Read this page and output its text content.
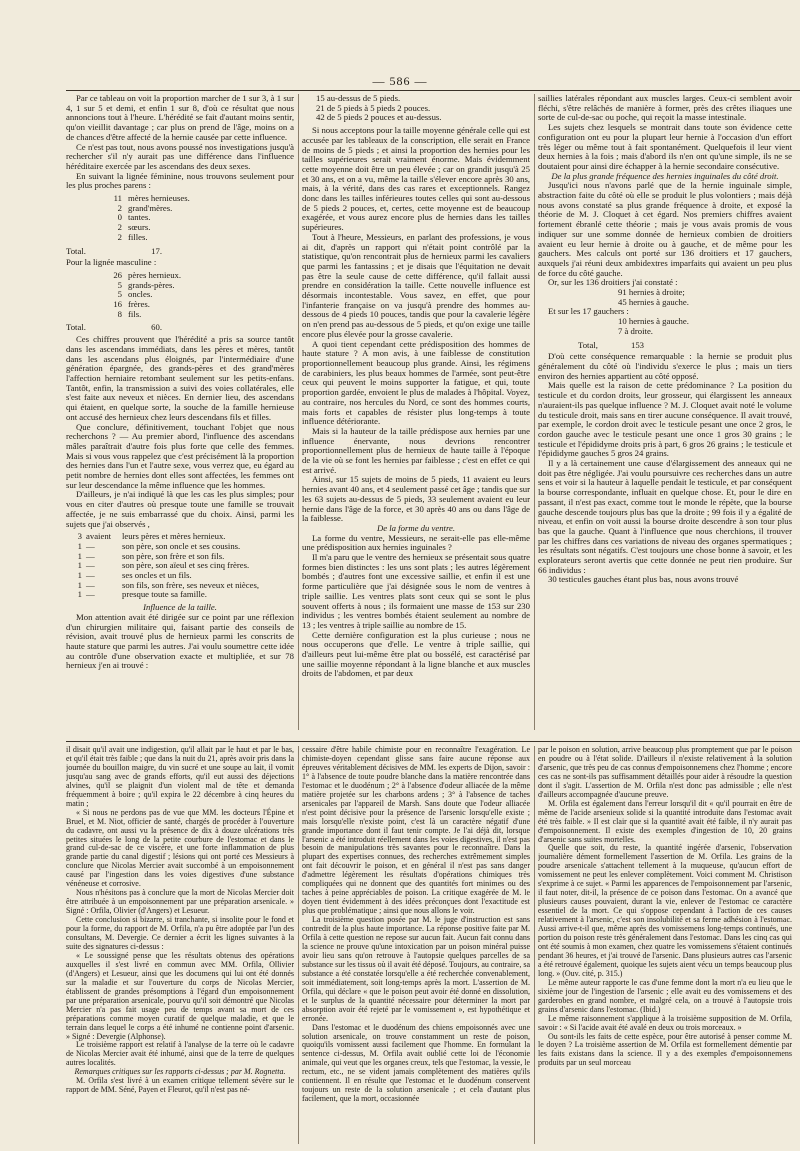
— 586 —

Par ce tableau on voit la proportion marcher de 1 sur 3, à 1 sur 4, 1 sur 5 et demi, et enfin 1 sur 8, d'où ce résultat que nous annoncions tout à l'heure. L'hérédité se fait d'autant moins sentir, qu'on vieillit davantage ; car plus on prend de l'âge, moins on a de chances d'être affecté de la hernie causée par cette influence.

Ce n'est pas tout, nous avons poussé nos investigations jusqu'à rechercher s'il n'y aurait pas une différence dans l'influence héréditaire exercée par les ascendans des deux sexes.

En suivant la lignée féminine, nous trouvons seulement pour les plus proches parens :

11 mères hernieuses.
2 grand'mères.
0 tantes.
2 sœurs.
2 filles.
Total.	17.

Pour la lignée masculine :

26 pères hernieux.
5 grands-pères.
5 oncles.
16 frères.
8 fils.
Total.	60.

Ces chiffres prouvent que l'hérédité a pris sa source tantôt dans les ascendans immédiats, dans les pères et mères, tantôt dans les ascendans plus éloignés, par l'intermédiaire d'une génération épargnée, des grands-pères et des grand'mères l'affection herniaire retombant seulement sur les petits-enfans. Tantôt, enfin, la transmission a suivi des voies collatérales, elle s'est faite aux neveux et nièces. En dernier lieu, des ascendans qui étaient, en quelque sorte, la souche de la famille hernieuse ont accusé des hernieux chez leurs descendans fils et filles.

Que conclure, définitivement, touchant l'objet que nous recherchons ? — Au premier abord, l'influence des ascendans mâles paraîtrait d'autre fois plus forte que celle des femmes. Mais si vous vous rappelez que c'est précisément là la proportion des hernies dans l'un et l'autre sexe, vous verrez que, eu égard au petit nombre de hernies dont elles sont affectées, les femmes ont sur leur descendance la même influence que les hommes.

D'ailleurs, je n'ai indiqué là que les cas les plus simples; pour vous en citer d'autres où presque toute une famille se trouvait affectée, je ne suis embarrassé que du choix. Ainsi, parmi les sujets que j'ai observés ,

3 avaient	leurs pères et mères hernieux.
1 —	son père, son oncle et ses cousins.
1 —	son père, son frère et son fils.
1 —	son père, son aïeul et ses cinq frères.
1 —	ses oncles et un fils.
1 —	son fils, son frère, ses neveux et nièces,
1 —	presque toute sa famille.

Influence de la taille.

Mon attention avait été dirigée sur ce point par une réflexion d'un chirurgien militaire qui, faisant partie des conseils de révision, avait trouvé plus de hernieux parmi les conscrits de haute stature que parmi les autres. J'ai voulu soumettre cette idée au contrôle d'une observation exacte et multipliée, et sur 78 hernieux j'en ai trouvé :

15 au-dessus de 5 pieds.

21 de 5 pieds à 5 pieds 2 pouces.

42 de 5 pieds 2 pouces et au-dessus.

Si nous acceptons pour la taille moyenne générale celle qui est accusée par les tableaux de la conscription, elle serait en France de moins de 5 pieds ; et ainsi la proportion des hernies pour les tailles supérieures serait vraiment énorme. Mais évidemment cette moyenne doit être un peu élevée ; car on grandit jusqu'à 25 et 30 ans, et on a vu, même la taille s'élever encore après 30 ans, mais, à la vérité, dans des cas rares et exceptionnels. Rangez donc dans les tailles inférieures toutes celles qui sont au-dessous de 5 pieds 2 pouces, et, certes, cette moyenne est de beaucoup exagérée, et vous aurez encore plus de hernies dans les tailles supérieures.

Tout à l'heure, Messieurs, en parlant des professions, je vous ai dit, d'après un rapport qui n'était point contrôlé par la statistique, qu'on rencontrait plus de hernieux parmi les cavaliers que parmi les fantassins ; et je disais que l'équitation ne devait pas être la seule cause de cette différence, qu'il fallait aussi prendre en considération la taille. Cette nouvelle influence est désormais incontestable. Vous savez, en effet, que pour l'infanterie française on va jusqu'à prendre des hommes au-dessous de 4 pieds 10 pouces, tandis que pour la cavalerie légère on n'en prend pas au-dessous de 5 pieds, et qu'on exige une taille encore plus élevée pour la grosse cavalerie.

A quoi tient cependant cette prédisposition des hommes de haute stature ? A mon avis, à une faiblesse de constitution proportionnellement beaucoup plus grande. Ainsi, les régimens de carabiniers, les plus beaux hommes de l'armée, sont peut-être ceux qui peuvent le moins supporter la fatigue, et qui, toute proportion gardée, envoient le plus de malades à l'hôpital. Voyez, au contraire, nos hercules du Nord, ce sont des hommes courts, mais forts et capables de résister plus long-temps à toute influence détériorante.

Mais si la hauteur de la taille prédispose aux hernies par une influence énervante, nous devrions rencontrer proportionnellement plus de hernieux de haute taille à l'époque de la vie où se font les hernies par faiblesse ; c'est en effet ce qui est arrivé.

Ainsi, sur 15 sujets de moins de 5 pieds, 11 avaient eu leurs hernies avant 40 ans, et 4 seulement passé cet âge ; tandis que sur les 63 sujets au-dessus de 5 pieds, 33 seulement avaient eu leur hernie dans l'âge de la force, et 30 après 40 ans ou dans l'âge de la faiblesse.

De la forme du ventre.

La forme du ventre, Messieurs, ne serait-elle pas elle-même une prédisposition aux hernies inguinales ?

Il m'a paru que le ventre des hernieux se présentait sous quatre formes bien distinctes : les uns sont plats ; les autres légèrement bombés ; d'autres font une excessive saillie, et enfin il est une forme particulière que j'ai désignée sous le nom de ventres à triple saillie. Les ventres plats sont ceux qui se sont le plus souvent offerts à nous ; ils formaient une masse de 153 sur 230 individus ; les ventres bombés étaient seulement au nombre de 13 ; les ventres à triple saillie au nombre de 15.

Cette dernière configuration est la plus curieuse ; nous ne nous occuperons que d'elle. Le ventre à triple saillie, qui d'ailleurs peut lui-même être plat ou bossélé, est caractérisé par une saillie moyenne répondant à la ligne blanche et aux muscles droits de l'abdomen, et par deux

saillies latérales répondant aux muscles larges. Ceux-ci semblent avoir fléchi, s'être relâchés de manière à former, près des crêtes iliaques une sorte de cul-de-sac ou poche, qui reçoit la masse intestinale.

Les sujets chez lesquels se montrait dans toute son évidence cette configuration ont eu pour la plupart leur hernie à l'occasion d'un effort très léger ou même tout à fait spontanément. Quelquefois il leur vient deux hernies à la fois ; mais d'abord ils n'en ont qu'une simple, ils ne se doutaient pour ainsi dire échapper à la hernie secondaire consécutive.

De la plus grande fréquence des hernies inguinales du côté droit.

Jusqu'ici nous n'avons parlé que de la hernie inguinale simple, abstraction faite du côté où elle se produit le plus volontiers ; mais déjà nous avons constaté sa plus grande fréquence à droite, et exposé la théorie de M. J. Cloquet à cet égard. Nos premiers chiffres avaient fortement ébranlé cette théorie ; mais je vous avais promis de vous indiquer sur une somme donnée de hernieux combien de droitiers avaient eu leur hernie à droite ou à gauche, et de même pour les gauchers. Mes calculs ont porté sur 136 droitiers et 17 gauchers, auxquels j'ai réuni deux ambidextres imparfaits qui avaient un peu plus de force du côté gauche.

Or, sur les 136 droitiers j'ai constaté :

91 hernies à droite;

45 hernies à gauche.

Et sur les 17 gauchers :

10 hernies à gauche.

7 à droite.

Total,	153

D'où cette conséquence remarquable : la hernie se produit plus généralement du côté où l'individu s'exerce le plus ; mais un tiers environ des hernies appartient au côté opposé.

Mais quelle est la raison de cette prédominance ? La position du testicule et du cordon droits, leur grosseur, qui élargissent les anneaux n'auraient-ils pas quelque influence ? M. J. Cloquet avait noté le volume du testicule droit, mais sans en tirer aucune conséquence. Il avait trouvé, par exemple, le cordon droit avec le testicule pesant une once 2 gros, le cordon gauche avec le testicule pesant une once 1 gros 30 grains ; le testicule et l'épididyme droits pris à part, 6 gros 26 grains ; le testicule et l'épididyme gauches 5 gros 24 grains.

Il y a là certainement une cause d'élargissement des anneaux qui ne doit pas être négligée. J'ai voulu poursuivre ces recherches dans un autre sens et voir si la hauteur à laquelle pendait le testicule, et par conséquent la bourse correspondante, influait en quelque chose. Et, pour le dire en passant, il n'est pas exact, comme tout le monde le répète, que la bourse gauche descende toujours plus bas que la droite ; 99 fois il y a égalité de niveau, et enfin on voit aussi la bourse droite descendre à son tour plus bas que la gauche. Quant à l'influence que nous cherchions, il trouver par les chiffres dans ces variations de niveau des organes spermatiques ; les résultats sont négatifs. C'est toujours une chose bonne à savoir, et les explorateurs seront avertis que cette donnée ne peut rien produire. Sur 66 individus :

30 testicules gauches étant plus bas, nous avons trouvé

il disait qu'il avait une indigestion, qu'il allait par le haut et par le bas, et qu'il était très faible ; que dans la nuit du 21, après avoir pris dans la journée du bouillon maigre, du vin sucré et une soupe au lait, il vomit jusqu'au sang avec de grands efforts, qu'il eut aussi des déjections alvines, qu'il se plaignit d'un violent mal de tête et demanda fréquemment à boire ; qu'il expira le 22 décembre à cinq heures du matin ;

« Si nous ne perdons pas de vue que MM. les docteurs l'Épine et Bruel, et M. Niot, officier de santé, chargés de procéder à l'ouverture du cadavre, ont aussi vu la présence de dix à douze ulcérations très petites situées le long de la petite courbure de l'estomac et dans le grand cul-de-sac de ce viscère, et une forte inflammation de plus grande partie du canal digestif ; lésions qui ont porté ces Messieurs à conclure que Nicolas Mercier avait succombé à un empoisonnement causé par l'ingestion dans les voies digestives d'une substance vénéneuse et corrosive.

Nous n'hésitons pas à conclure que la mort de Nicolas Mercier doit être attribuée à un empoisonnement par une préparation arsenicale. » Signé : Orfila, Olivier (d'Angers) et Lesueur.

Cette conclusion si bizarre, si tranchante, si insolite pour le fond et pour la forme, du rapport de M. Orfila, n'a pu être adoptée par l'un des consultans, M. Devergie. Ce dernier a écrit les lignes suivantes à la suite des signatures ci-dessus :

« Le soussigné pense que les résultats obtenus des opérations auxquelles il s'est livré en commun avec MM. Orfila, Ollivier (d'Angers) et Lesueur, ainsi que les documens qui lui ont été donnés sur la maladie et sur l'ouverture du corps de Nicolas Mercier, établissent de grandes présomptions à l'égard d'un empoisonnement par une préparation arsenicale, pourvu qu'il soit démontré que Nicolas Mercier n'a pas fait usage peu de temps avant sa mort de ces préparations comme moyen curatif de quelque maladie, et que le terrain dans lequel le corps a été inhumé ne contienne point d'arsenic. » Signé : Devergie (Alphonse).

Le troisième rapport est relatif à l'analyse de la terre où le cadavre de Nicolas Mercier avait été inhumé, ainsi que de la terre de quelques autres localités.

Remarques critiques sur les rapports ci-dessus ; par M. Rognetta.

M. Orfila s'est livré à un examen critique tellement sévère sur le rapport de MM. Séné, Payen et Fleurot, qu'il n'est pas né-

cessaire d'être habile chimiste pour en reconnaître l'exagération. Le chimiste-doyen cependant glisse sans faire aucune réponse aux épreuves véritablement décisives de MM. les experts de Dijon, savoir : 1° à l'absence de toute poudre blanche dans la matière rencontrée dans l'estomac et le duodénum ; 2° à l'absence d'odeur alliacée de la même matière projetée sur les charbons ardens ; 3° à l'absence de taches arsenicales par l'appareil de Marsh. Sans doute que l'odeur alliacée n'est point décisive pour la présence de l'arsenic lorsqu'elle existe ; mais lorsqu'elle n'existe point, c'est là un caractère négatif d'une grande importance dont il faut tenir compte. Je l'ai déjà dit, lorsque l'arsenic a été introduit réellement dans les voies digestives, il n'est pas besoin de manipulations très savantes pour le reconnaître. Dans la plupart des expertises connues, des recherches extrêmement simples ont fait découvrir le poison, et en général il n'est pas sans danger d'admettre légèrement les résultats d'opérations chimiques très compliquées qui ne donnent que des quantités fort minimes ou des taches à peine appréciables de poison. La critique exagérée de M. le doyen tient évidemment à des idées préconçues dont l'exactitude est plus que problématique ; ainsi que nous allons le voir.

La troisième question posée par M. le juge d'instruction est sans contredit de la plus haute importance. La réponse positive faite par M. Orfila à cette question ne repose sur aucun fait. Aucun fait connu dans la science ne prouve qu'une intoxication par un poison minéral puisse avoir lieu sans qu'on retrouve à l'autopsie quelques parcelles de sa substance sur les tissus où il avait été déposé. Toujours, au contraire, sa substance a été constatée lorsqu'elle a été recherchée convenablement, soit immédiatement, soit long-temps après la mort. L'assertion de M. Orfila, qui déclare « que le poison peut avoir été donné en dissolution, et le surplus de la quantité nécessaire pour déterminer la mort par absorption avoir été rejeté par le vomissement », est hypothétique et erronée.

Dans l'estomac et le duodénum des chiens empoisonnés avec une solution arsenicale, on trouve constamment un reste de poison, quoiqu'ils vomissent aussi facilement que l'homme. En formulant la sentence ci-dessus, M. Orfila avait oublié cette loi de l'économie animale, qui veut que les organes creux, tels que l'estomac, la vessie, le rectum, etc., ne se vident jamais complètement des matières qu'ils contiennent. Il en résulte que l'estomac et le duodénum conservent toujours un reste de la solution arsenicale ; et cela d'autant plus facilement, que la mort, occasionnée

par le poison en solution, arrive beaucoup plus promptement que par le poison en poudre ou à l'état solide. D'ailleurs il n'existe relativement à la solution d'arsenic, que très peu de cas connus d'empoisonnemens chez l'homme ; encore ces cas ne sont-ils pas suffisamment détaillés pour aider à résoudre la question dont il s'agit. L'assertion de M. Orfila n'est donc pas admissible ; elle n'est d'ailleurs accompagnée d'aucune preuve.

M. Orfila est également dans l'erreur lorsqu'il dit « qu'il pourrait en être de même de l'acide arsenieux solide si la quantité introduite dans l'estomac avait été très faible. » Il est clair que si la quantité avait été faible, il n'y aurait pas d'empoisonnement. Il existe des exemples d'ingestion de 10, 20 grains d'arsenic sans suites mortelles.

Quelle que soit, du reste, la quantité ingérée d'arsenic, l'observation journalière dément formellement l'assertion de M. Orfila. Les grains de la poudre arsenicale s'attachent tellement à la muqueuse, qu'aucun effort de vomissement ne peut les enlever complètement. Voici comment M. Christison s'exprime à ce sujet. « Parmi les apparences de l'empoisonnement par l'arsenic, il faut noter, dit-il, la présence de ce poison dans l'estomac. On a avancé que plusieurs causes pouvaient, durant la vie, enlever de l'estomac ce caractère essentiel de la mort. Ce qui s'oppose cependant à l'action de ces causes relativement à l'arsenic, c'est son insolubilité et sa ferme adhésion à l'estomac. Aussi arrive-t-il que, même après des vomissemens long-temps continués, une portion du poison reste très généralement dans l'estomac. Dans les cinq cas qui ont été soumis à mon examen, chez quatre les vomissemens s'étaient continués pendant 36 heures, et j'ai trouvé de l'arsenic. Dans plusieurs autres cas l'arsenic a été retrouvé également, quoique les sujets aient vécu un temps beaucoup plus long. » (Ouv. cité, p. 315.)

Le même auteur rapporte le cas d'une femme dont la mort n'a eu lieu que le sixième jour de l'ingestion de l'arsenic ; elle avait eu des vomissemens et des garderobes en grand nombre, et malgré cela, on a trouvé à l'autopsie trois grains d'arsenic dans l'estomac. (Ibid.)

Le même raisonnement s'applique à la troisième supposition de M. Orfila, savoir : « Si l'acide avait été avalé en deux ou trois morceaux. »

Ou sont-ils les faits de cette espèce, pour être autorisé à penser comme M. le doyen ? La troisième assertion de M. Orfila est formellement démentie par les faits existans dans la science. Il y a des exemples d'empoisonnemens produits par un seul morceau
